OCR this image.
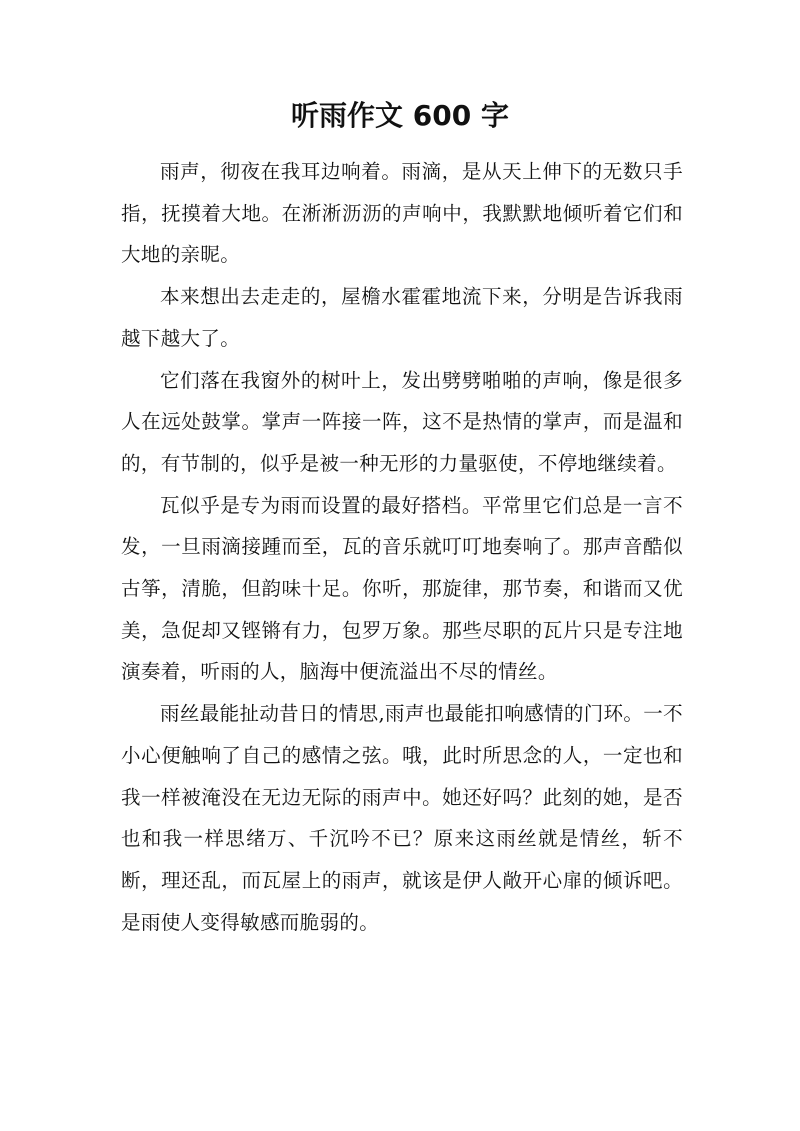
听雨作文 600 字

雨声，彻夜在我耳边响着。雨滴，是从天上伸下的无数只手指，抚摸着大地。在淅淅沥沥的声响中，我默默地倾听着它们和大地的亲昵。

本来想出去走走的，屋檐水霍霍地流下来，分明是告诉我雨越下越大了。

它们落在我窗外的树叶上，发出劈劈啪啪的声响，像是很多人在远处鼓掌。掌声一阵接一阵，这不是热情的掌声，而是温和的，有节制的，似乎是被一种无形的力量驱使，不停地继续着。

瓦似乎是专为雨而设置的最好搭档。平常里它们总是一言不发，一旦雨滴接踵而至，瓦的音乐就叮叮地奏响了。那声音酷似古筝，清脆，但韵味十足。你听，那旋律，那节奏，和谐而又优美，急促却又铿锵有力，包罗万象。那些尽职的瓦片只是专注地演奏着，听雨的人，脑海中便流溢出不尽的情丝。

雨丝最能扯动昔日的情思,雨声也最能扣响感情的门环。一不小心便触响了自己的感情之弦。哦，此时所思念的人，一定也和我一样被淹没在无边无际的雨声中。她还好吗？此刻的她，是否也和我一样思绪万、千沉吟不已？原来这雨丝就是情丝，斩不断，理还乱，而瓦屋上的雨声，就该是伊人敞开心扉的倾诉吧。是雨使人变得敏感而脆弱的。
